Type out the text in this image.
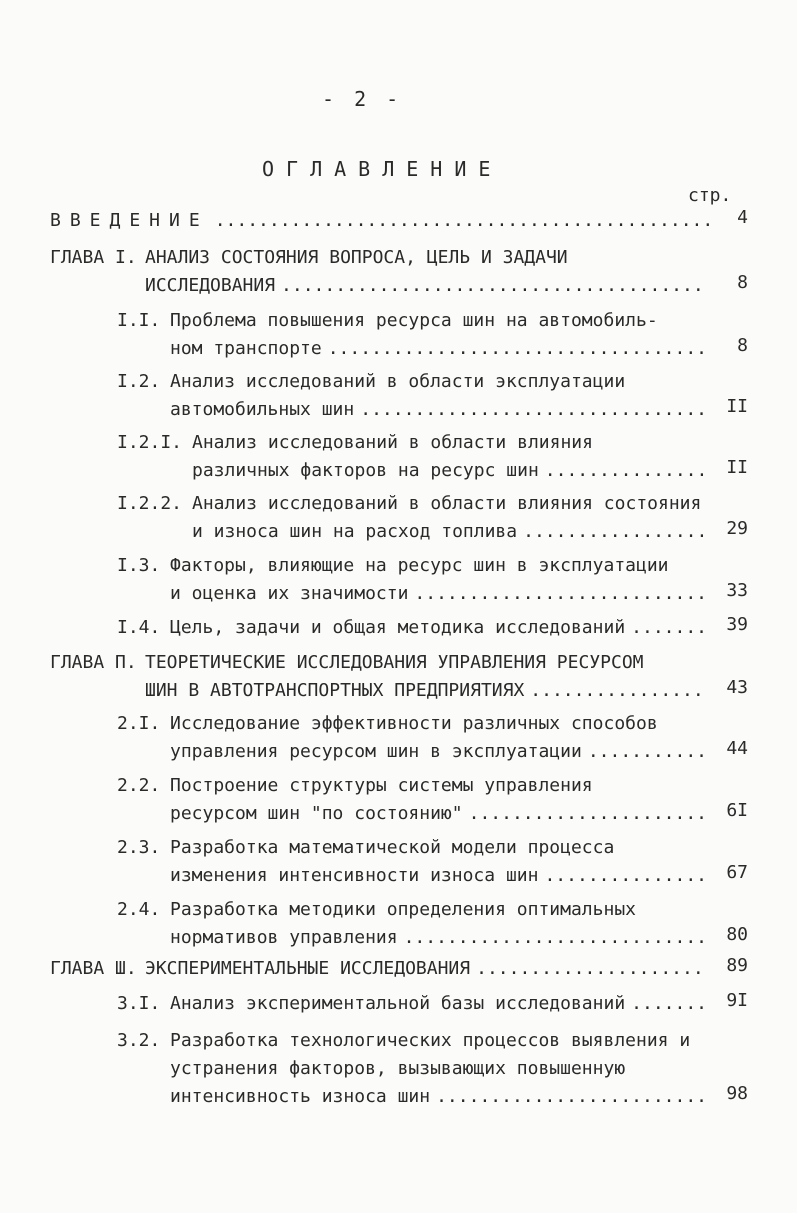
- 2 -
ОГЛАВЛЕНИЕ
стр.
ВВЕДЕНИЕ .............................................. 4
ГЛАВА I. АНАЛИЗ СОСТОЯНИЯ ВОПРОСА, ЦЕЛЬ И ЗАДАЧИ
ИССЛЕДОВАНИЯ ....................................... 8
I.I. Проблема повышения ресурса шин на автомобиль-
ном транспорте ................................... 8
I.2. Анализ исследований в области эксплуатации
автомобильных шин ................................ II
I.2.I. Анализ исследований в области влияния
различных факторов на ресурс шин ............... II
I.2.2. Анализ исследований в области влияния состояния
и износа шин на расход топлива ................. 29
I.3. Факторы, влияющие на ресурс шин в эксплуатации
и оценка их значимости ........................... 33
I.4. Цель, задачи и общая методика исследований ....... 39
ГЛАВА П. ТЕОРЕТИЧЕСКИЕ ИССЛЕДОВАНИЯ УПРАВЛЕНИЯ РЕСУРСОМ
ШИН В АВТОТРАНСПОРТНЫХ ПРЕДПРИЯТИЯХ ................ 43
2.I. Исследование эффективности различных способов
управления ресурсом шин в эксплуатации ........... 44
2.2. Построение структуры системы управления
ресурсом шин "по состоянию" ...................... 6I
2.3. Разработка математической модели процесса
изменения интенсивности износа шин ............... 67
2.4. Разработка методики определения оптимальных
нормативов управления ............................ 80
ГЛАВА Ш. ЭКСПЕРИМЕНТАЛЬНЫЕ ИССЛЕДОВАНИЯ ..................... 89
3.I. Анализ экспериментальной базы исследований ....... 9I
3.2. Разработка технологических процессов выявления и
устранения факторов, вызывающих повышенную
интенсивность износа шин ......................... 98
